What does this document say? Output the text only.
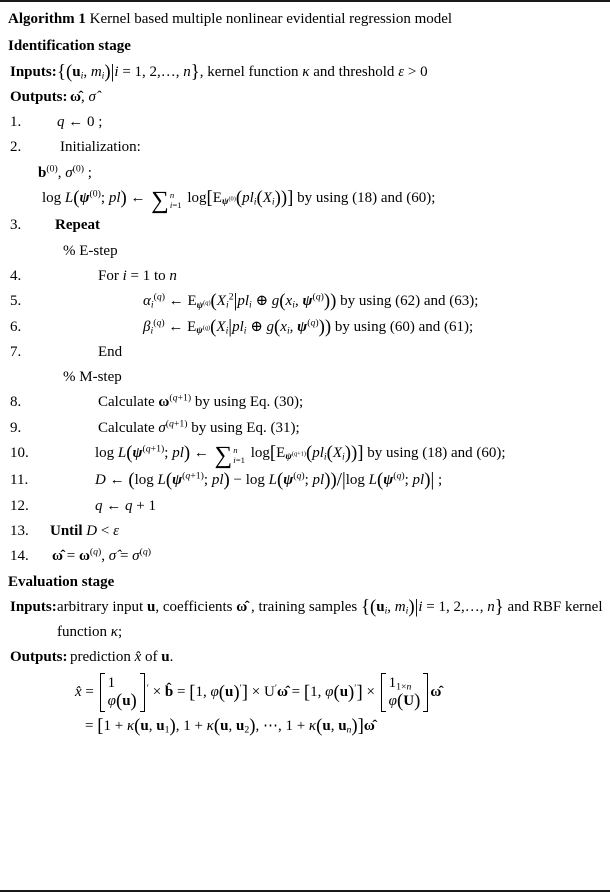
Algorithm 1 Kernel based multiple nonlinear evidential regression model
Identification stage
Inputs: {($u_i$, $m_i)|i = 1$, 2,…, n}, kernel function κ and threshold ε > 0
Outputs: ω̂, σ̂
1.	q ← 0 ;
2.	Initialization:
$b^{(0)}$, $\sigma^{(0)}$ ;
$\log L(\psi^{(0)}$; pl) ← ∑ n
i=1 $\log[E_{\psi^{(0)}}(pl_i(X_i))]$ by using (18) and (60);
3.	Repeat
% E-step
4.	For i = 1 to n
5.	$\alpha_i^{(q)}$ ← $E_{\psi^{(q)}}(X_i^2|pl_i$ ⊕ $g(x_i$, $\psi^{(q)}$)) by using (62) and (63);
6.	$\beta_i^{(q)}$ ← $E_{\psi^{(q)}}(X_i|pl_i$ ⊕ $g(x_i$, $\psi^{(q)}$)) by using (60) and (61);
7.	End
% M-step
8.	Calculate $\omega^{(q+1)}$ by using Eq. (30);
9.	Calculate $\sigma^{(q+1)}$ by using Eq. (31);
10.	$\log L(\psi^{(q+1)}$; pl) ← ∑ n
i=1 $\log[E_{\psi^{(q+1)}}(pl_i(X_i))]$ by using (18) and (60);
11.	D ← (log $L(\psi^{(q+1)}$; $pl) - \log L(\psi^{(q)}$; pl))/|log $L(\psi^{(q)}$; pl)| ;
12.	q ← q + 1
13.	Until D < ε
14.	ω̂ = $\omega^{(q)}$, σ̂ = $\sigma^{(q)}$
Evaluation stage
Inputs: arbitrary input u, coefficients ω̂ , training samples {($u_i$, $m_i)|i = 1$, 2,…, n} and RBF kernel
function κ;
Outputs: prediction x̂ of u.
x̂ =
1
φ(u)
′ × b̂ = [1, φ(u)′] × U′ω̂ = [1, φ(u)′] ×
$1_{1\times n}$
φ(U) ω̂
= [1 + κ(u, $u_1$), 1 + κ(u, $u_2$), ⋯, 1 + κ(u, $u_n)]\omegâ$
